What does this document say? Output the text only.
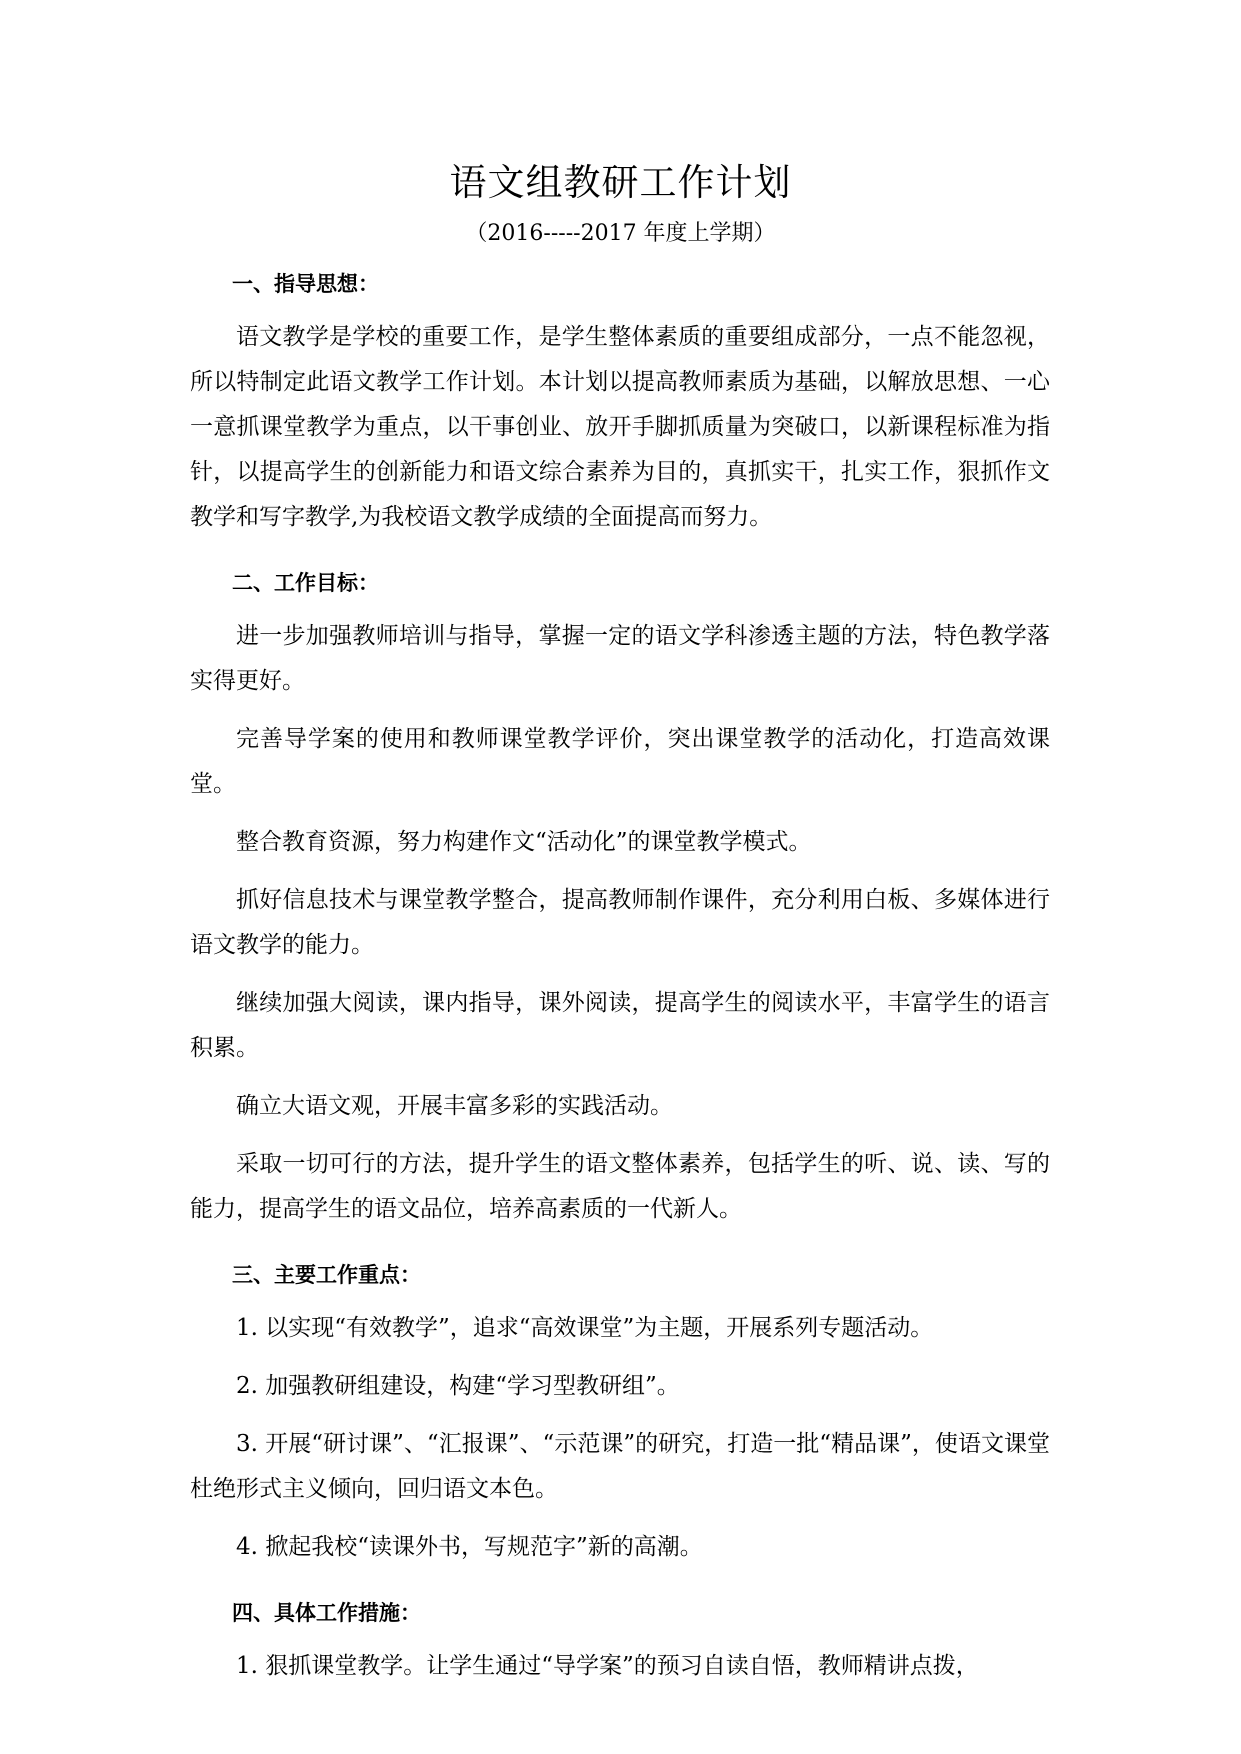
语文组教研工作计划
（2016-----2017 年度上学期）

一、指导思想：

语文教学是学校的重要工作，是学生整体素质的重要组成部分，一点不能忽视，所以特制定此语文教学工作计划。本计划以提高教师素质为基础，以解放思想、一心一意抓课堂教学为重点，以干事创业、放开手脚抓质量为突破口，以新课程标准为指针，以提高学生的创新能力和语文综合素养为目的，真抓实干，扎实工作，狠抓作文教学和写字教学,为我校语文教学成绩的全面提高而努力。

二、工作目标：

进一步加强教师培训与指导，掌握一定的语文学科渗透主题的方法，特色教学落实得更好。

完善导学案的使用和教师课堂教学评价，突出课堂教学的活动化，打造高效课堂。

整合教育资源，努力构建作文“活动化”的课堂教学模式。

抓好信息技术与课堂教学整合，提高教师制作课件，充分利用白板、多媒体进行语文教学的能力。

继续加强大阅读，课内指导，课外阅读，提高学生的阅读水平，丰富学生的语言积累。

确立大语文观，开展丰富多彩的实践活动。

采取一切可行的方法，提升学生的语文整体素养，包括学生的听、说、读、写的能力，提高学生的语文品位，培养高素质的一代新人。

三、主要工作重点：

1. 以实现“有效教学”，追求“高效课堂”为主题，开展系列专题活动。

2. 加强教研组建设，构建“学习型教研组”。

3. 开展“研讨课”、“汇报课”、“示范课”的研究，打造一批“精品课”，使语文课堂杜绝形式主义倾向，回归语文本色。

4. 掀起我校“读课外书，写规范字”新的高潮。

四、具体工作措施：

1. 狠抓课堂教学。让学生通过“导学案”的预习自读自悟，教师精讲点拨，
